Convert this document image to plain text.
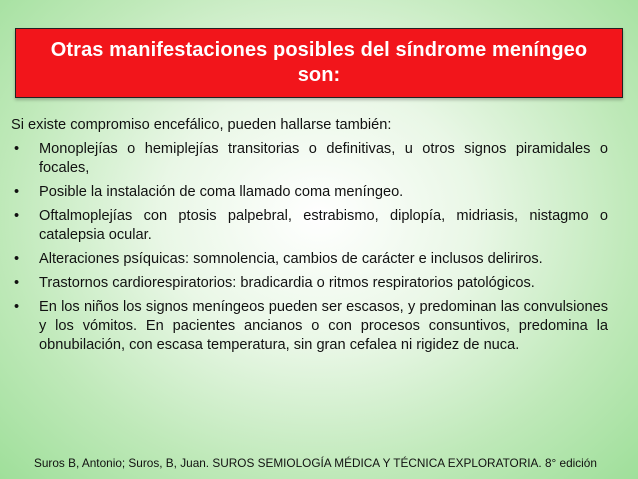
Otras manifestaciones posibles del síndrome meníngeo son:

Si existe compromiso encefálico, pueden hallarse también:

• Monoplejías o hemiplejías transitorias o definitivas, u otros signos piramidales o focales,
• Posible la instalación de coma llamado coma meníngeo.
• Oftalmoplejías con ptosis palpebral, estrabismo, diplopía, midriasis, nistagmo o catalepsia ocular.
• Alteraciones psíquicas: somnolencia, cambios de carácter e inclusos deliriros.
• Trastornos cardiorespiratorios: bradicardia o ritmos respiratorios patológicos.
• En los niños los signos meníngeos pueden ser escasos, y predominan las convulsiones y los vómitos. En pacientes ancianos o con procesos consuntivos, predomina la obnubilación, con escasa temperatura, sin gran cefalea ni rigidez de nuca.
Suros B, Antonio; Suros, B, Juan. SUROS SEMIOLOGÍA MÉDICA Y TÉCNICA EXPLORATORIA. 8° edición
